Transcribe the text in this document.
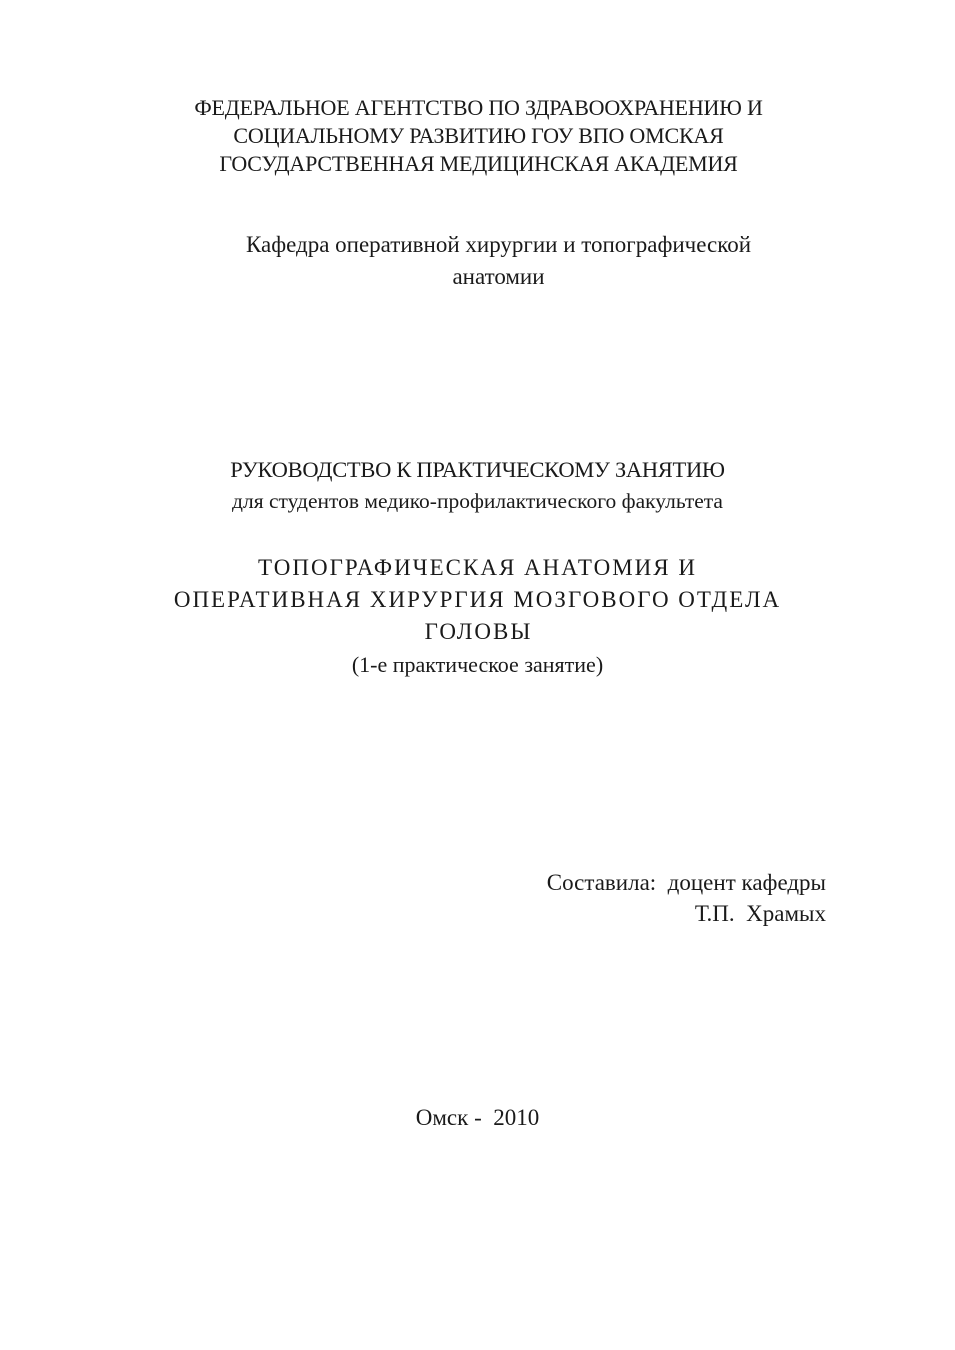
ФЕДЕРАЛЬНОЕ АГЕНТСТВО ПО ЗДРАВООХРАНЕНИЮ И
СОЦИАЛЬНОМУ РАЗВИТИЮ ГОУ ВПО ОМСКАЯ
ГОСУДАРСТВЕННАЯ МЕДИЦИНСКАЯ АКАДЕМИЯ
Кафедра оперативной хирургии и топографической
анатомии
РУКОВОДСТВО К ПРАКТИЧЕСКОМУ ЗАНЯТИЮ
для студентов медико-профилактического факультета
ТОПОГРАФИЧЕСКАЯ АНАТОМИЯ И
ОПЕРАТИВНАЯ ХИРУРГИЯ МОЗГОВОГО ОТДЕЛА
ГОЛОВЫ
(1-е практическое занятие)
Составила:  доцент кафедры
Т.П.  Храмых
Омск -  2010
